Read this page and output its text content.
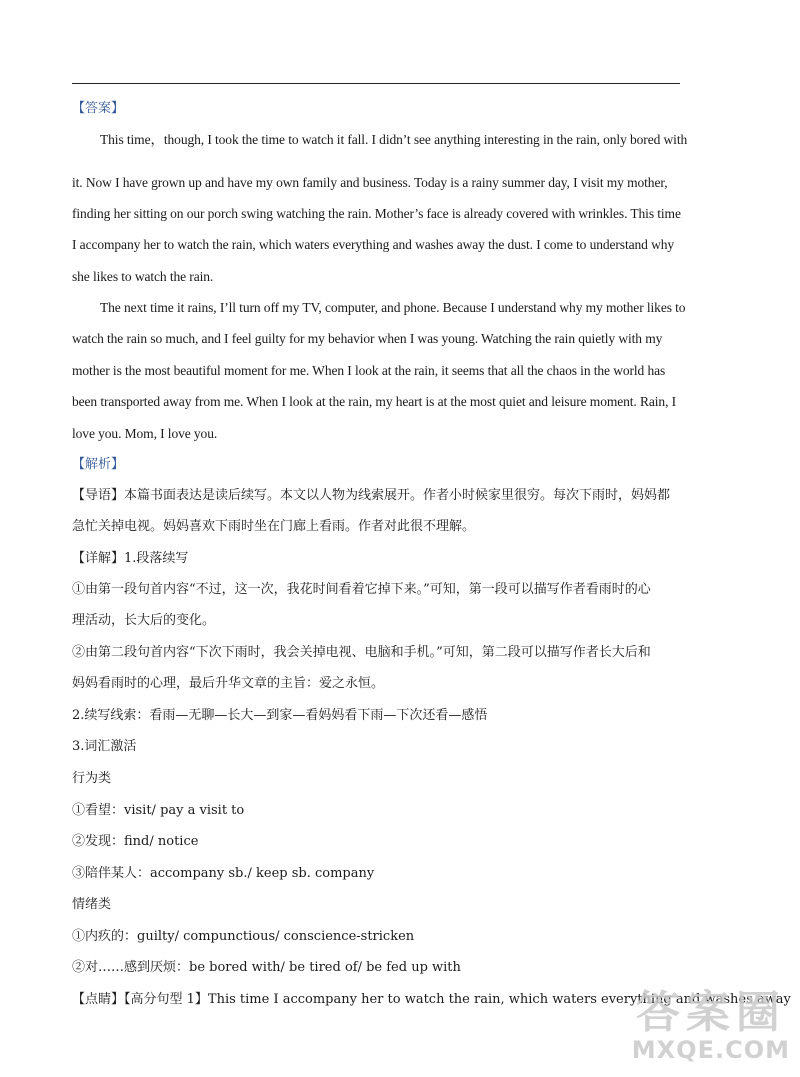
【答案】
This time，though, I took the time to watch it fall. I didn’t see anything interesting in the rain, only bored with
it. Now I have grown up and have my own family and business. Today is a rainy summer day, I visit my mother,
finding her sitting on our porch swing watching the rain. Mother’s face is already covered with wrinkles. This time
I accompany her to watch the rain, which waters everything and washes away the dust. I come to understand why
she likes to watch the rain.
The next time it rains, I’ll turn off my TV, computer, and phone. Because I understand why my mother likes to
watch the rain so much, and I feel guilty for my behavior when I was young. Watching the rain quietly with my
mother is the most beautiful moment for me. When I look at the rain, it seems that all the chaos in the world has
been transported away from me. When I look at the rain, my heart is at the most quiet and leisure moment. Rain, I
love you. Mom, I love you.
【解析】
【导语】本篇书面表达是读后续写。本文以人物为线索展开。作者小时候家里很穷。每次下雨时，妈妈都
急忙关掉电视。妈妈喜欢下雨时坐在门廊上看雨。作者对此很不理解。
【详解】1.段落续写
①由第一段句首内容“不过，这一次，我花时间看着它掉下来。”可知，第一段可以描写作者看雨时的心
理活动，长大后的变化。
②由第二段句首内容“下次下雨时，我会关掉电视、电脑和手机。”可知，第二段可以描写作者长大后和
妈妈看雨时的心理，最后升华文章的主旨：爱之永恒。
2.续写线索：看雨—无聊—长大—到家—看妈妈看下雨—下次还看—感悟
3.词汇激活
行为类
①看望：visit/ pay a visit to
②发现：find/ notice
③陪伴某人：accompany sb./ keep sb. company
情绪类
①内疚的：guilty/ compunctious/ conscience-stricken
②对……感到厌烦：be bored with/ be tired of/ be fed up with
【点睛】【高分句型 1】This time I accompany her to watch the rain, which waters everything and washes away
答案圈
MXQE.COM
